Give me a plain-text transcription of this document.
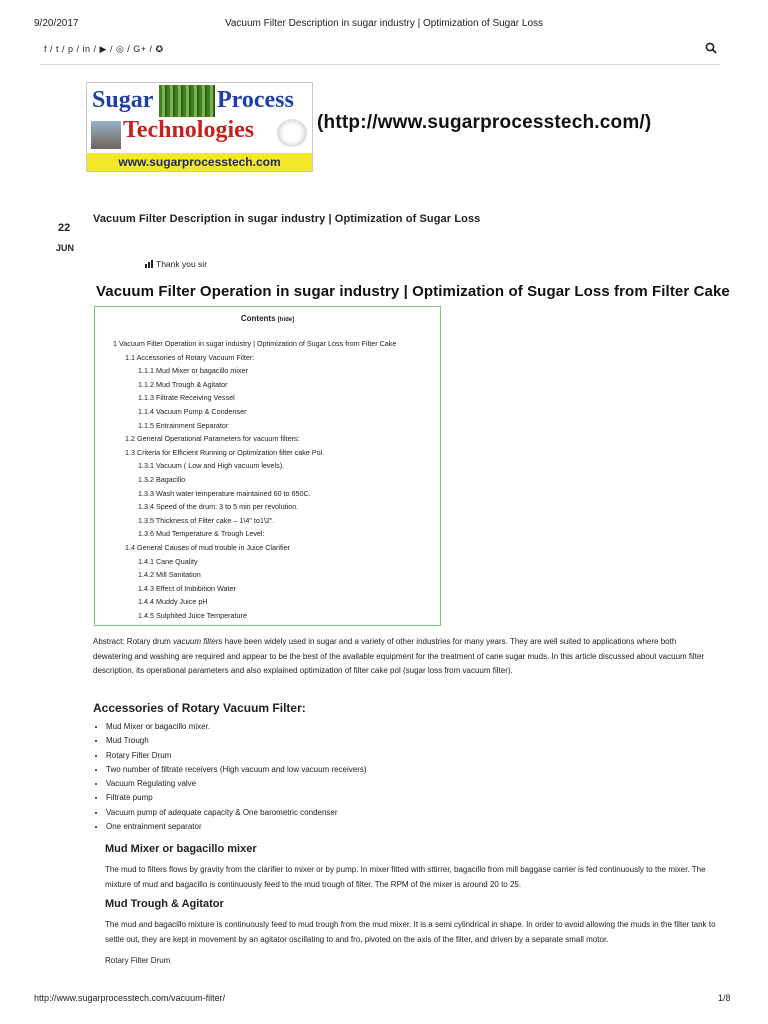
9/20/2017	Vacuum Filter Description in sugar industry | Optimization of Sugar Loss
f / t / p / in / ▶ / ◎ / G+ / ✪
Sugar	Process
Technologies
www.sugarprocesstech.com
(http://www.sugarprocesstech.com/)
22
JUN
Vacuum Filter Description in sugar industry | Optimization of Sugar Loss
Thank you sir
Vacuum Filter Operation in sugar industry | Optimization of Sugar Loss from Filter Cake
Contents [hide]
1 Vacuum Filter Operation in sugar industry | Optimization of Sugar Loss from Filter Cake
1.1 Accessories of Rotary Vacuum Filter:
1.1.1 Mud Mixer or bagacillo mixer
1.1.2 Mud Trough & Agitator
1.1.3 Filtrate Receiving Vessel
1.1.4 Vacuum Pump & Condenser
1.1.5 Entrainment Separator
1.2 General Operational Parameters for vacuum filters:
1.3 Criteria for Efficient Running or Optimization filter cake Pol.
1.3.1 Vacuum ( Low and High vacuum levels).
1.3.2 Bagacillo
1.3.3 Wash water temperature maintained 60 to 650C.
1.3.4 Speed of the drum: 3 to 5 min per revolution.
1.3.5 Thickness of Filter cake – 1\4" to1\2".
1.3.6 Mud Temperature & Trough Level:
1.4 General Causes of mud trouble in Juice Clarifier
1.4.1 Cane Quality
1.4.2 Mill Sanitation
1.4.3 Effect of Imbibition Water
1.4.4 Muddy Juice pH
1.4.5 Sulphited Juice Temperature
Abstract: Rotary drum vacuum filters have been widely used in sugar and a variety of other industries for many years. They are well suited to applications where both dewatering and washing are required and appear to be the best of the available equipment for the treatment of cane sugar muds. In this article discussed about vacuum filter description, its operational parameters and also explained optimization of filter cake pol (sugar loss from vacuum filter).
Accessories of Rotary Vacuum Filter:
• Mud Mixer or bagacillo mixer.
• Mud Trough
• Rotary Filter Drum
• Two number of filtrate receivers (High vacuum and low vacuum receivers)
• Vacuum Regulating valve
• Filtrate pump
• Vacuum pump of adequate capacity & One barometric condenser
• One entrainment separator
Mud Mixer or bagacillo mixer
The mud to filters flows by gravity from the clarifier to mixer or by pump. In mixer fitted with sttirrer, bagacillo from mill baggase carrier is fed continuously to the mixer. The mixture of mud and bagacillo is continuously feed to the mud trough of filter. The RPM of the mixer is around 20 to 25.
Mud Trough & Agitator
The mud and bagacillo mixture is continuously feed to mud trough from the mud mixer. It is a semi cylindrical in shape. In order to avoid allowing the muds in the filter tank to settle out, they are kept in movement by an agitator oscillating to and fro, pivoted on the axis of the filter, and driven by a separate small motor.
Rotary Filter Drum
http://www.sugarprocesstech.com/vacuum-filter/	1/8
